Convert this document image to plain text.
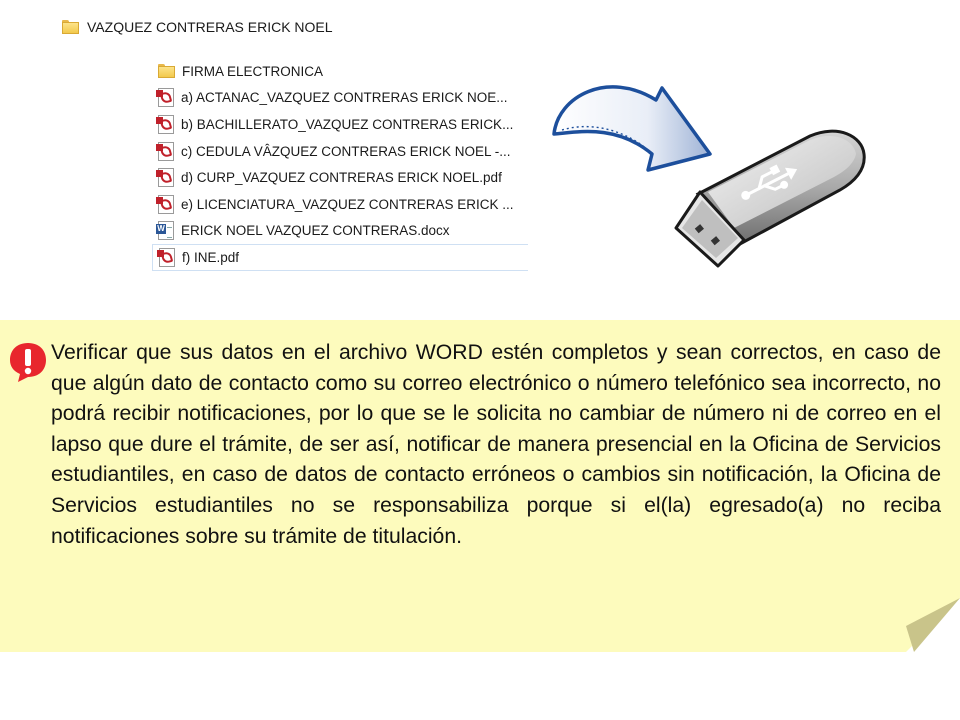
VAZQUEZ CONTRERAS ERICK NOEL
FIRMA ELECTRONICA
a) ACTANAC_VAZQUEZ CONTRERAS ERICK NOE...
b) BACHILLERATO_VAZQUEZ CONTRERAS ERICK...
c) CEDULA VÂZQUEZ CONTRERAS ERICK NOEL -...
d) CURP_VAZQUEZ CONTRERAS ERICK NOEL.pdf
e) LICENCIATURA_VAZQUEZ CONTRERAS ERICK ...
W
ERICK NOEL VAZQUEZ CONTRERAS.docx
f) INE.pdf
Verificar que sus datos en el archivo WORD estén completos y sean correctos, en caso de que algún dato de contacto como su correo electrónico o número telefónico sea incorrecto, no podrá recibir notificaciones, por lo que se le solicita no cambiar de número ni de correo en el lapso que dure el trámite, de ser así, notificar de manera presencial en la Oficina de Servicios estudiantiles, en caso de datos de contacto erróneos o cambios sin notificación, la Oficina de Servicios estudiantiles no se responsabiliza porque si el(la) egresado(a) no reciba notificaciones sobre su trámite de titulación.
